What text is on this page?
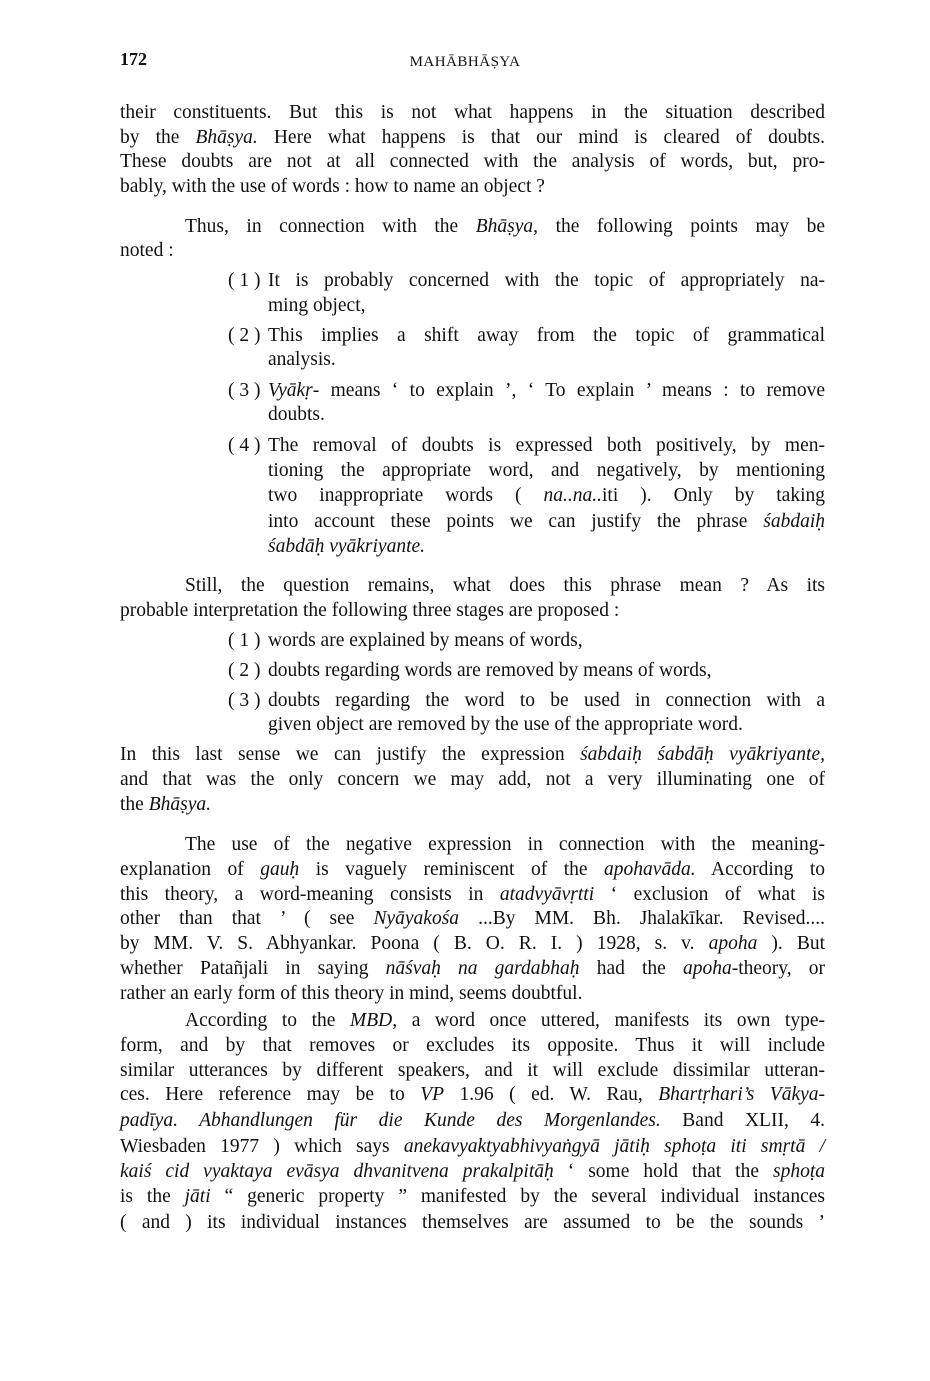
172	MAHĀBHĀṢYA
their constituents. But this is not what happens in the situation described
by the Bhāṣya. Here what happens is that our mind is cleared of doubts.
These doubts are not at all connected with the analysis of words, but, pro-
bably, with the use of words : how to name an object ?
Thus, in connection with the Bhāṣya, the following points may be
noted :
( 1 ) It is probably concerned with the topic of appropriately na-
ming object,
( 2 ) This implies a shift away from the topic of grammatical
analysis.
( 3 ) Vyākṛ- means ‘ to explain ’, ‘ To explain ’ means : to remove
doubts.
( 4 ) The removal of doubts is expressed both positively, by men-
tioning the appropriate word, and negatively, by mentioning
two inappropriate words ( na..na..iti ). Only by taking
into account these points we can justify the phrase śabdaiḥ
śabdāḥ vyākriyante.
Still, the question remains, what does this phrase mean ? As its
probable interpretation the following three stages are proposed :
( 1 ) words are explained by means of words,
( 2 ) doubts regarding words are removed by means of words,
( 3 ) doubts regarding the word to be used in connection with a
given object are removed by the use of the appropriate word.
In this last sense we can justify the expression śabdaiḥ śabdāḥ vyākriyante,
and that was the only concern we may add, not a very illuminating one of
the Bhāṣya.
The use of the negative expression in connection with the meaning-
explanation of gauḥ is vaguely reminiscent of the apohavāda. According to
this theory, a word-meaning consists in atadvyāvṛtti ‘ exclusion of what is
other than that ’ ( see Nyāyakośa ...By MM. Bh. Jhalakīkar. Revised....
by MM. V. S. Abhyankar. Poona ( B. O. R. I. ) 1928, s. v. apoha ). But
whether Patañjali in saying nāśvaḥ na gardabhaḥ had the apoha-theory, or
rather an early form of this theory in mind, seems doubtful.
According to the MBD, a word once uttered, manifests its own type-
form, and by that removes or excludes its opposite. Thus it will include
similar utterances by different speakers, and it will exclude dissimilar utteran-
ces. Here reference may be to VP 1.96 ( ed. W. Rau, Bhartṛhari’s Vākya-
padīya. Abhandlungen für die Kunde des Morgenlandes. Band XLII, 4.
Wiesbaden 1977 ) which says anekavyaktyabhivyaṅgyā jātiḥ sphoṭa iti smṛtā /
kaiś cid vyaktaya evāsya dhvanitvena prakalpitāḥ ‘ some hold that the sphoṭa
is the jāti “ generic property ” manifested by the several individual instances
( and ) its individual instances themselves are assumed to be the sounds ’
